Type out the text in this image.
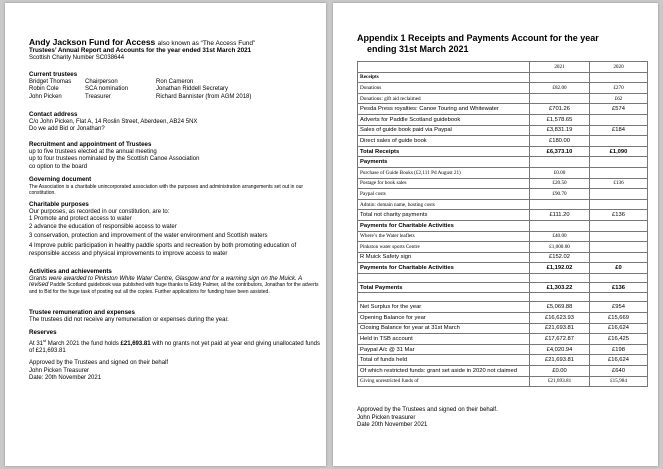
Andy Jackson Fund for Access also known as “The Access Fund”
Trustees’ Annual Report and Accounts for the year ended 31st March 2021
Scottish Charity Number SC038644
Current trustees
Bridget Thomas	Chairperson	Ron Cameron
Robin Cole	SCA nomination	Jonathan Riddell Secretary
John Picken	Treasurer	Richard Bannister (from AGM 2018)
Contact address
C/o John Picken, Flat A, 14 Roslin Street, Aberdeen, AB24 5NX
Do we add Bid or Jonathan?
Recruitment and appointment of Trustees
up to five trustees elected at the annual meeting
up to four trustees nominated by the Scottish Canoe Association
co option to the board
Governing document
The Association is a charitable unincorporated association with the purposes and administration arrangements set out in our constitution.
Charitable purposes
Our purposes, as recorded in our constitution, are to:
1 Promote and protect access to water
2 advance the education of responsible access to water
3 conservation, protection and improvement of the water environment and Scottish waters
4 Improve public participation in healthy paddle sports and recreation by both promoting education of responsible access and physical improvements to improve access to water
Activities and achievements
Grants were awarded to Pinkston White Water Centre, Glasgow and for a warning sign on the Muick. A revised Paddle Scotland guidebook was published with huge thanks to Eddy Palmer, all the contributors, Jonathan for the adverts and to Bid for the huge task of posting out all the copies. Further applications for funding have been assisted.
Trustee remuneration and expenses
The trustees did not receive any remuneration or expenses during the year.
Reserves
At 31st March 2021 the fund holds £21,693.81 with no grants not yet paid at year end giving unallocated funds of £21,693.81
Approved by the Trustees and signed on their behalf
John Picken Treasurer
Date: 20th November 2021
Appendix 1 Receipts and Payments Account for the year
ending 31st March 2021
	2021	2020
Receipts		
Donations	£82.00	£270
Donations: gift aid reclaimed		£62
Pesda Press royalties: Canoe Touring and Whitewater	£701.26	£574
Adverts for Paddle Scotland guidebook	£1,578.65	
Sales of guide book paid via Paypal	£3,831.19	£184
Direct sales of guide book	£180.00	
Total Receipts	£6,373.10	£1,090
Payments		
Purchase of Guide Books (£2,111 Pd August 21)	£0.00	
Postage for book sales	£20.50	£136
Paypal costs	£90.70	
Admin: domain name, hosting costs		
Total not charity payments	£111.20	£136
Payments for Charitable Activities		
Where’s the Water leaflets	£40.00	
Pinkston water sports Centre	£1,000.00	
R Muick Safety sign	£152.02	
Payments for Charitable Activities	£1,192.02	£0

Total Payments	£1,303.22	£136

Net Surplus for the year	£5,069.88	£954
Opening Balance for year	£16,623.93	£15,669
Closing Balance for year at 31st March	£21,693.81	£16,624
Held in TSB account	£17,672.87	£16,425
Paypal A/c @ 31 Mar	£4,020.94	£198
Total of funds held	£21,693.81	£16,624
Of which restricted funds: grant set aside in 2020 not claimed	£0.00	£640
Giving unrestricted funds of	£21,693.81	£15,984
Approved by the Trustees and signed on their behalf.
John Picken treasurer
Date 20th November 2021
